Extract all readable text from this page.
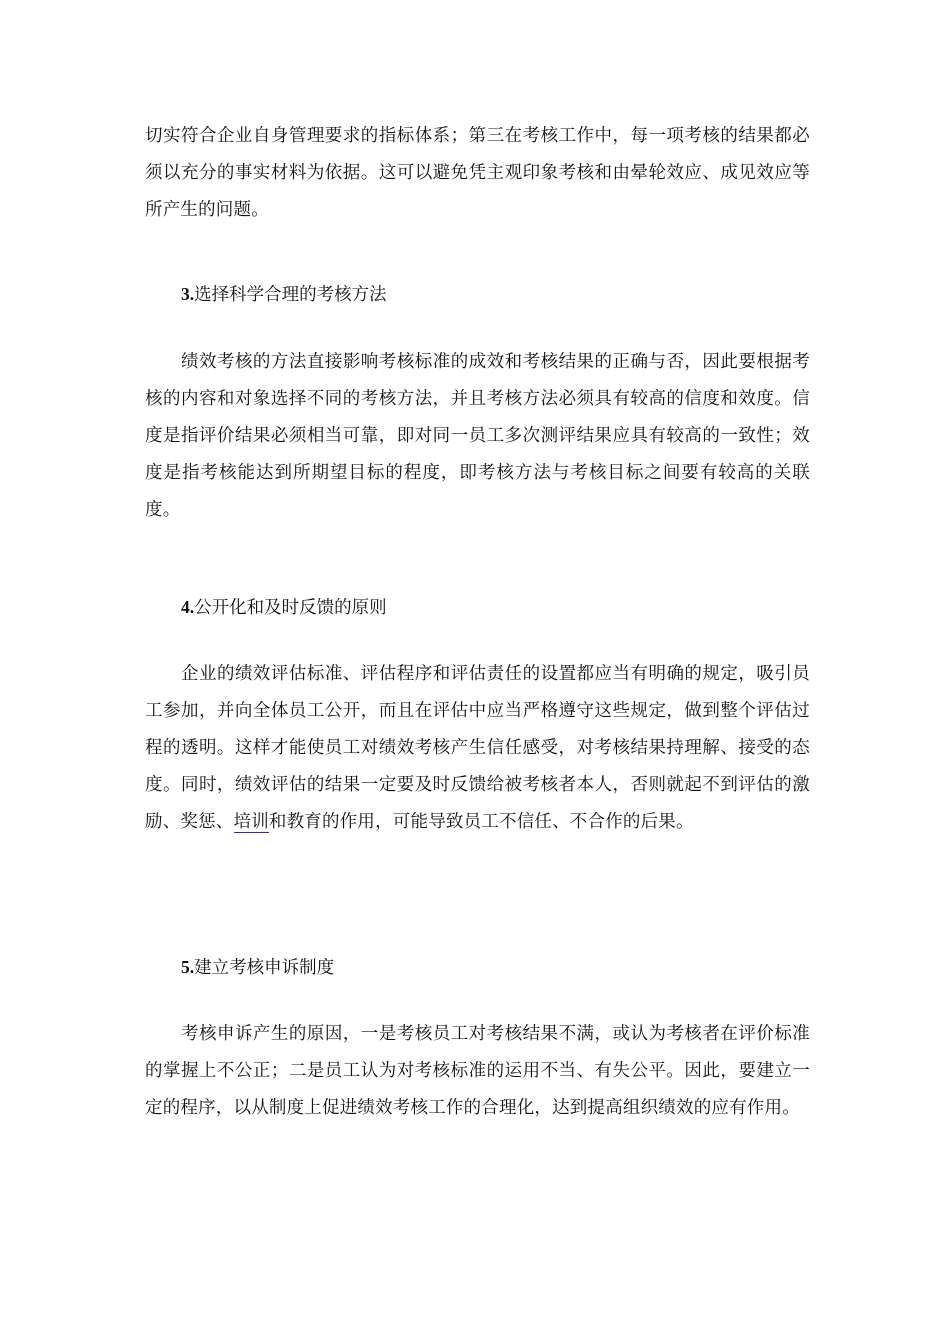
切实符合企业自身管理要求的指标体系；第三在考核工作中，每一项考核的结果都必须以充分的事实材料为依据。这可以避免凭主观印象考核和由晕轮效应、成见效应等所产生的问题。

3.选择科学合理的考核方法

绩效考核的方法直接影响考核标准的成效和考核结果的正确与否，因此要根据考核的内容和对象选择不同的考核方法，并且考核方法必须具有较高的信度和效度。信度是指评价结果必须相当可靠，即对同一员工多次测评结果应具有较高的一致性；效度是指考核能达到所期望目标的程度，即考核方法与考核目标之间要有较高的关联度。

4.公开化和及时反馈的原则

企业的绩效评估标准、评估程序和评估责任的设置都应当有明确的规定，吸引员工参加，并向全体员工公开，而且在评估中应当严格遵守这些规定，做到整个评估过程的透明。这样才能使员工对绩效考核产生信任感受，对考核结果持理解、接受的态度。同时，绩效评估的结果一定要及时反馈给被考核者本人，否则就起不到评估的激励、奖惩、培训和教育的作用，可能导致员工不信任、不合作的后果。

5.建立考核申诉制度

考核申诉产生的原因，一是考核员工对考核结果不满，或认为考核者在评价标准的掌握上不公正；二是员工认为对考核标准的运用不当、有失公平。因此，要建立一定的程序，以从制度上促进绩效考核工作的合理化，达到提高组织绩效的应有作用。
